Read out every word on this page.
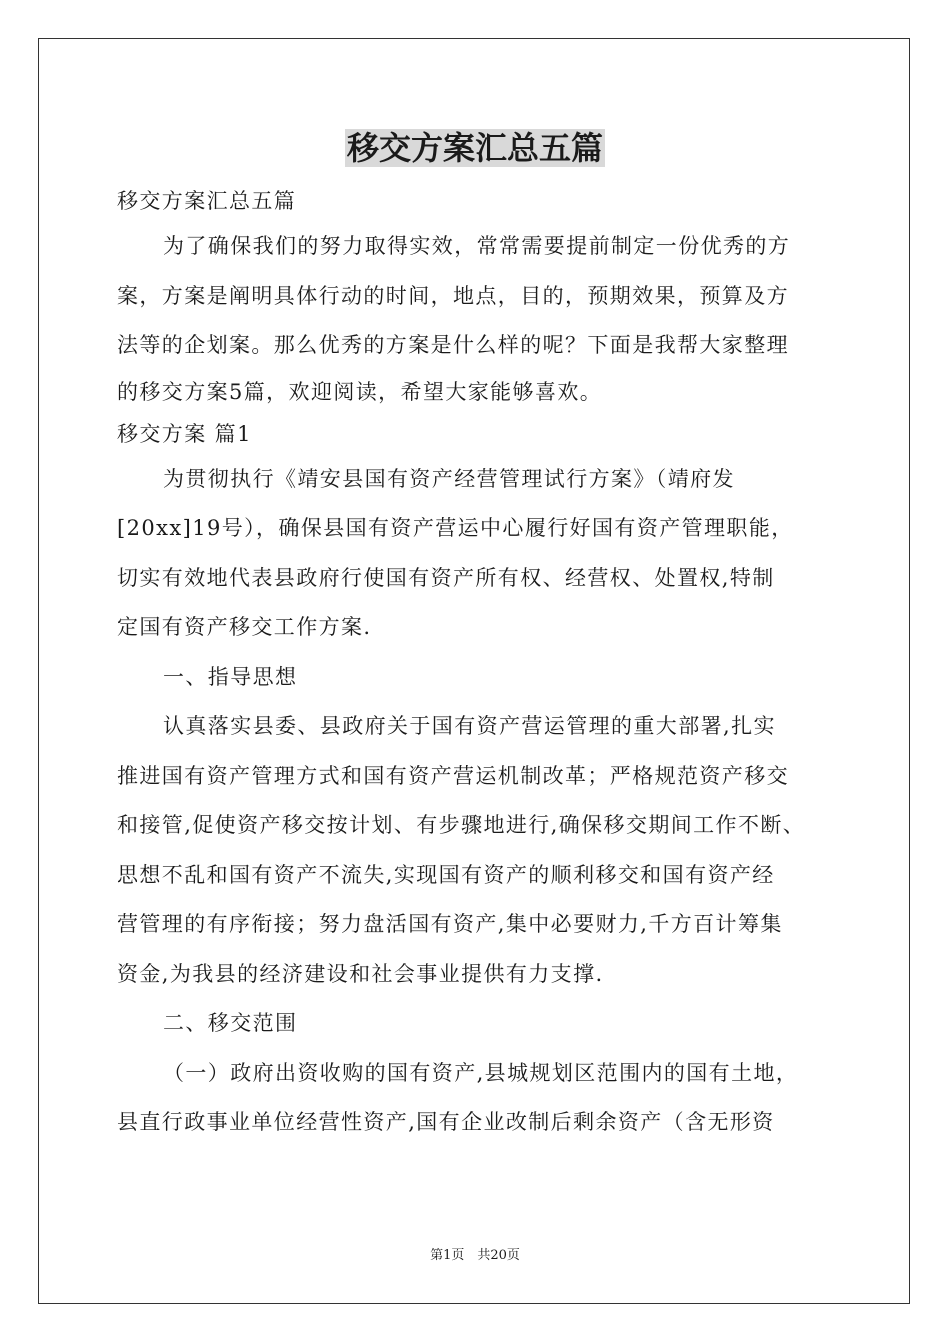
移交方案汇总五篇
移交方案汇总五篇
为了确保我们的努力取得实效，常常需要提前制定一份优秀的方
案，方案是阐明具体行动的时间，地点，目的，预期效果，预算及方
法等的企划案。那么优秀的方案是什么样的呢？下面是我帮大家整理
的移交方案5篇，欢迎阅读，希望大家能够喜欢。
移交方案 篇1
为贯彻执行《靖安县国有资产经营管理试行方案》（靖府发
[20xx]19号），确保县国有资产营运中心履行好国有资产管理职能，
切实有效地代表县政府行使国有资产所有权、经营权、处置权,特制
定国有资产移交工作方案.
一、指导思想
认真落实县委、县政府关于国有资产营运管理的重大部署,扎实
推进国有资产管理方式和国有资产营运机制改革；严格规范资产移交
和接管,促使资产移交按计划、有步骤地进行,确保移交期间工作不断、
思想不乱和国有资产不流失,实现国有资产的顺利移交和国有资产经
营管理的有序衔接；努力盘活国有资产,集中必要财力,千方百计筹集
资金,为我县的经济建设和社会事业提供有力支撑.
二、移交范围
（一）政府出资收购的国有资产,县城规划区范围内的国有土地，
县直行政事业单位经营性资产,国有企业改制后剩余资产（含无形资
第1页　共20页
